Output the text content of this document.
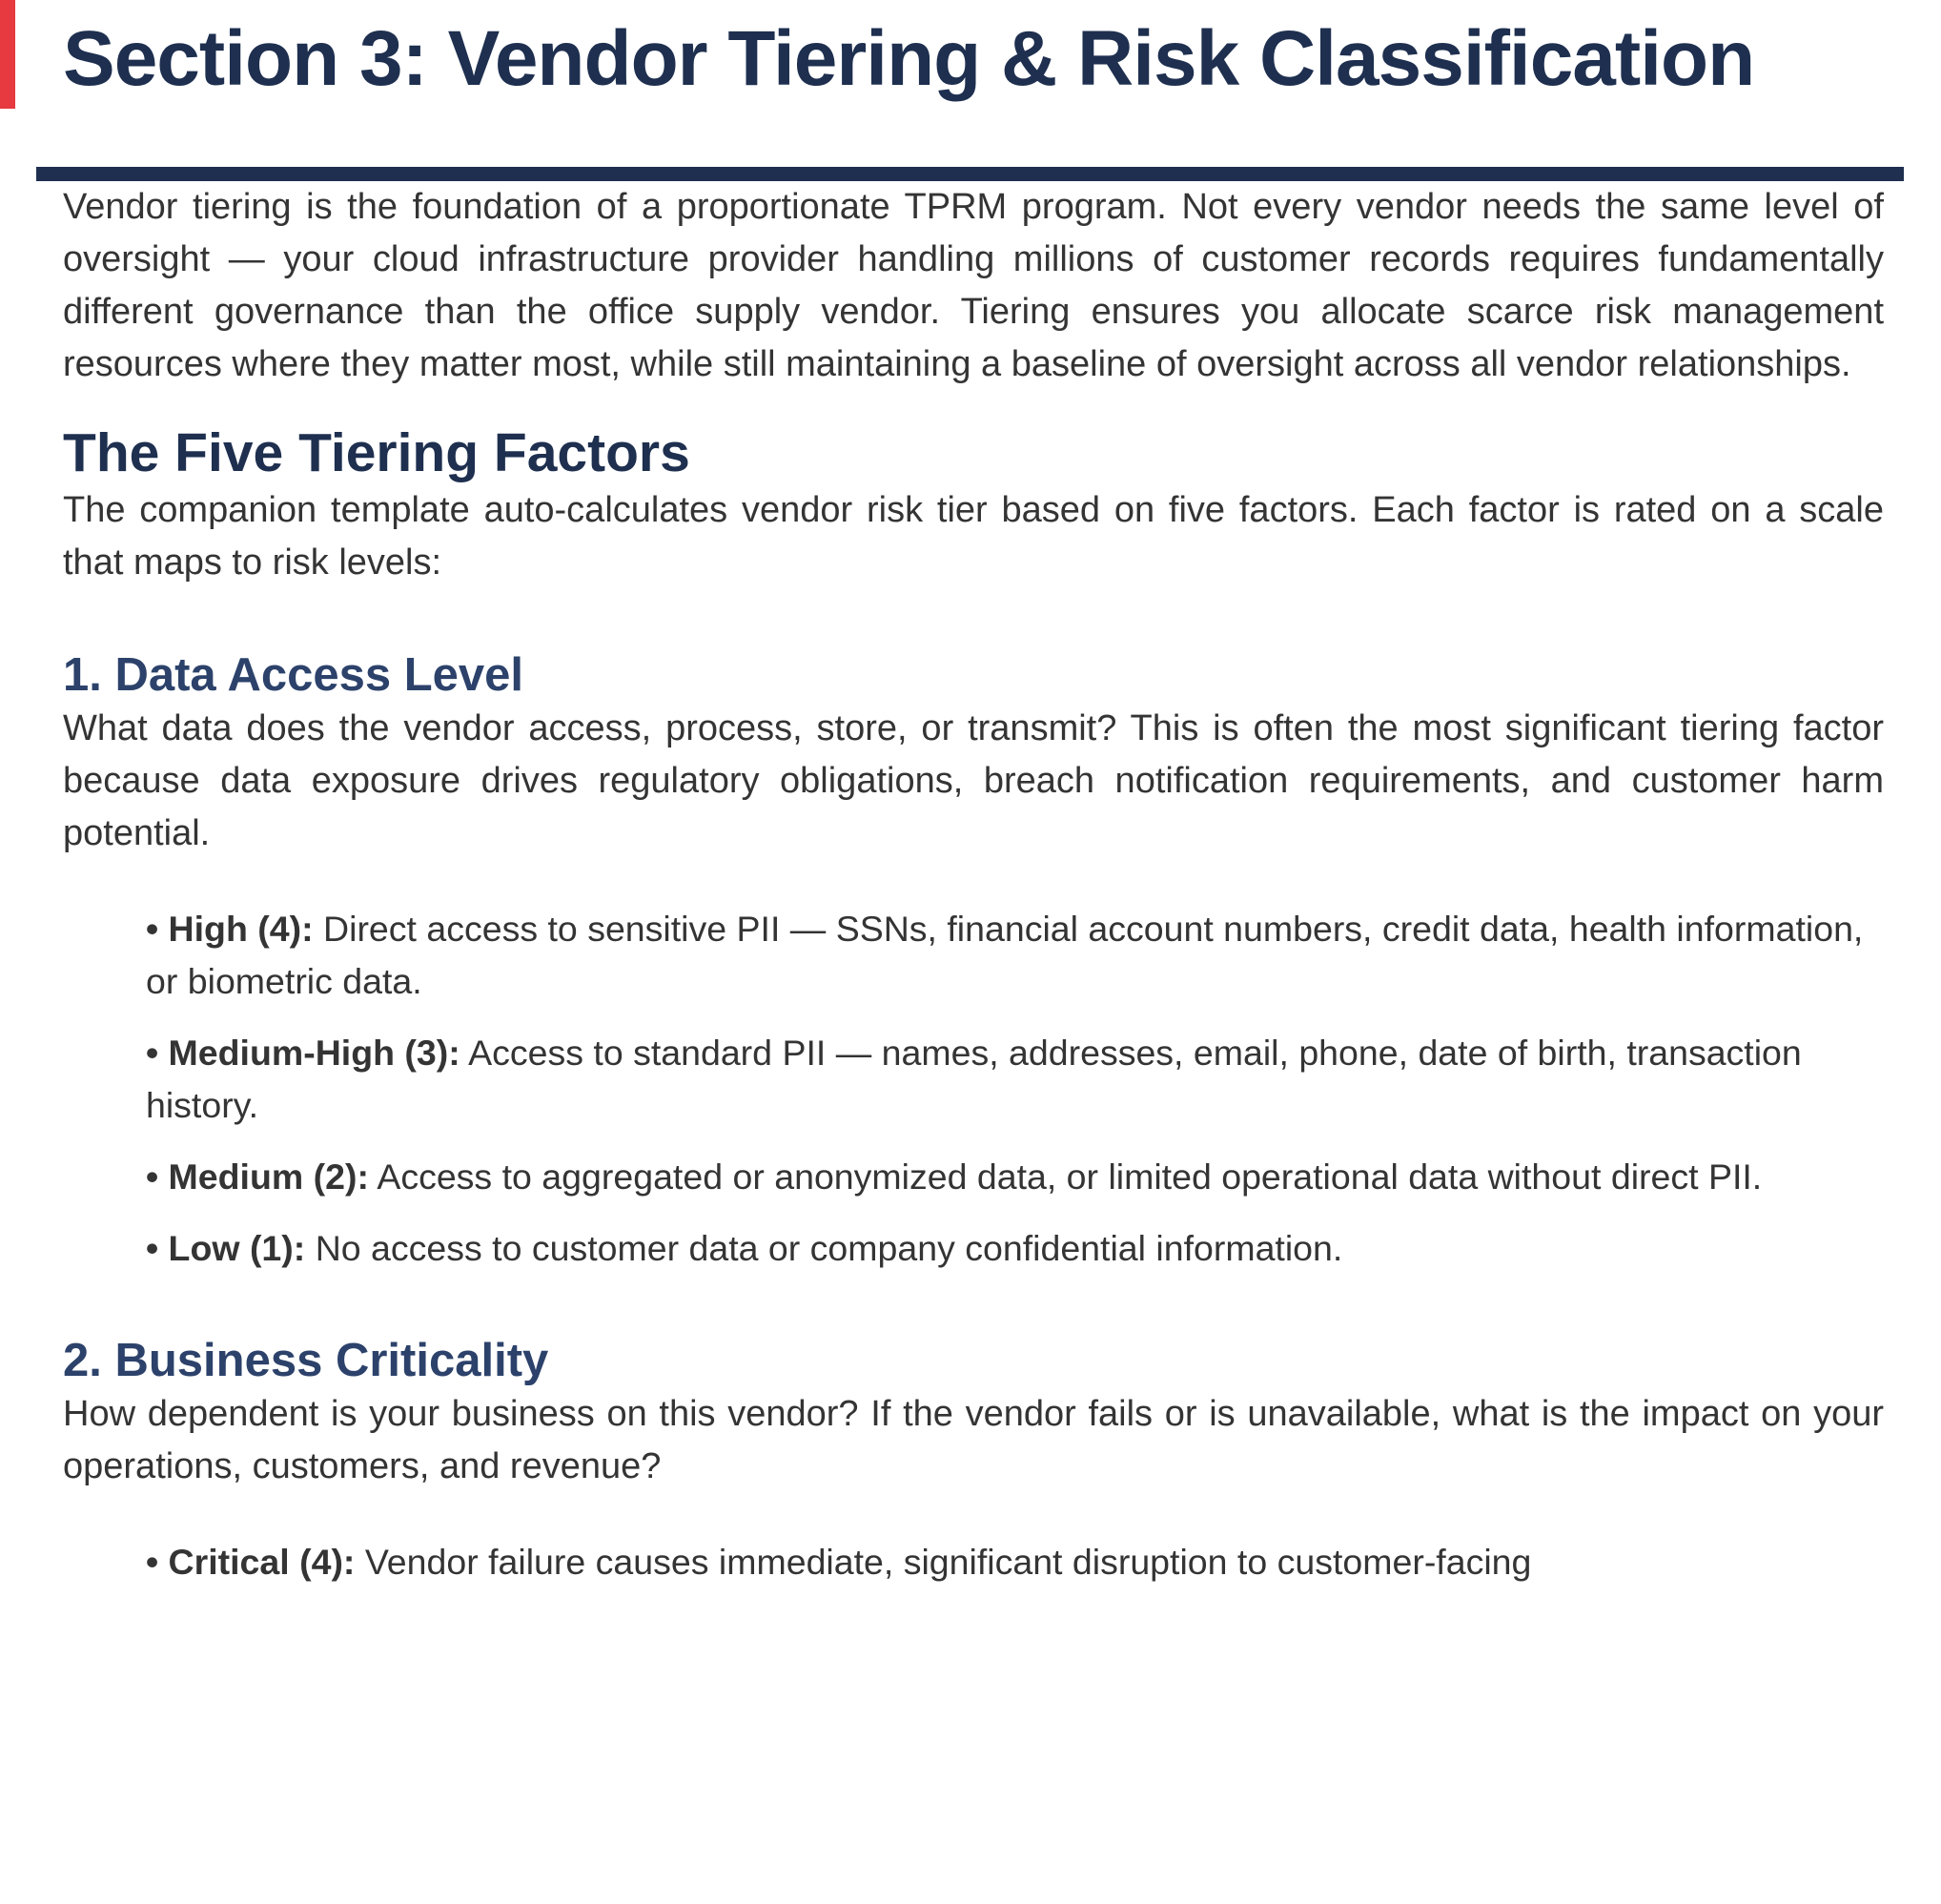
Section 3: Vendor Tiering & Risk Classification

Vendor tiering is the foundation of a proportionate TPRM program. Not every vendor needs the same level of oversight — your cloud infrastructure provider handling millions of customer records requires fundamentally different governance than the office supply vendor. Tiering ensures you allocate scarce risk management resources where they matter most, while still maintaining a baseline of oversight across all vendor relationships.

The Five Tiering Factors

The companion template auto-calculates vendor risk tier based on five factors. Each factor is rated on a scale that maps to risk levels:

1. Data Access Level

What data does the vendor access, process, store, or transmit? This is often the most significant tiering factor because data exposure drives regulatory obligations, breach notification requirements, and customer harm potential.

• High (4): Direct access to sensitive PII — SSNs, financial account numbers, credit data, health information, or biometric data.

• Medium-High (3): Access to standard PII — names, addresses, email, phone, date of birth, transaction history.

• Medium (2): Access to aggregated or anonymized data, or limited operational data without direct PII.

• Low (1): No access to customer data or company confidential information.

2. Business Criticality

How dependent is your business on this vendor? If the vendor fails or is unavailable, what is the impact on your operations, customers, and revenue?

• Critical (4): Vendor failure causes immediate, significant disruption to customer-facing
